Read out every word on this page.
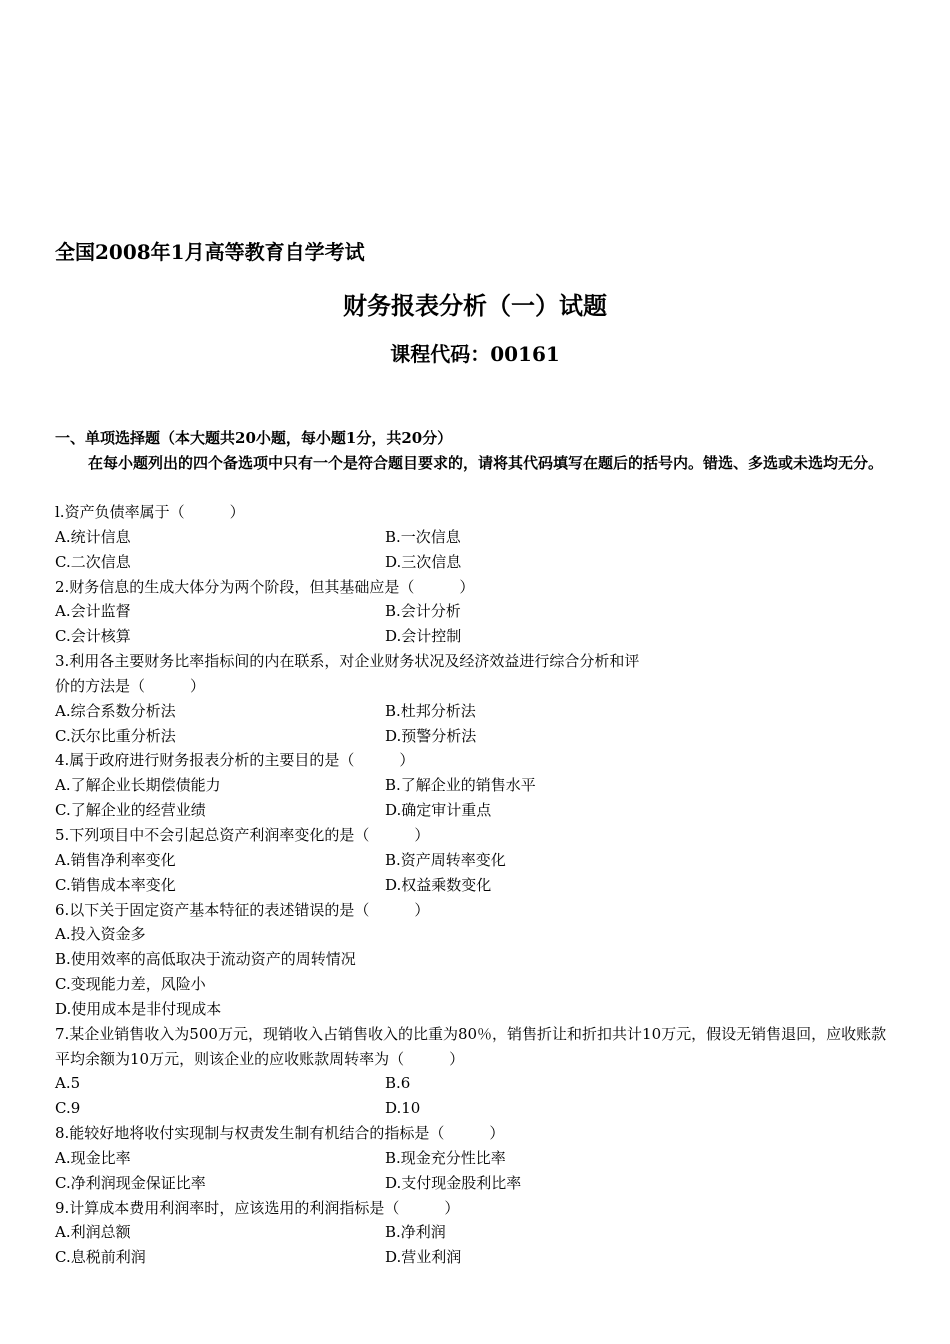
全国2008年1月高等教育自学考试
财务报表分析（一）试题
课程代码：00161
一、单项选择题（本大题共20小题，每小题1分，共20分）
在每小题列出的四个备选项中只有一个是符合题目要求的，请将其代码填写在题后的括号内。错选、多选或未选均无分。
l.资产负债率属于（　　　）
A.统计信息	B.一次信息
C.二次信息	D.三次信息
2.财务信息的生成大体分为两个阶段，但其基础应是（　　　）
A.会计监督	B.会计分析
C.会计核算	D.会计控制
3.利用各主要财务比率指标间的内在联系，对企业财务状况及经济效益进行综合分析和评
价的方法是（　　　）
A.综合系数分析法	B.杜邦分析法
C.沃尔比重分析法	D.预警分析法
4.属于政府进行财务报表分析的主要目的是（　　　）
A.了解企业长期偿债能力	B.了解企业的销售水平
C.了解企业的经营业绩	D.确定审计重点
5.下列项目中不会引起总资产利润率变化的是（　　　）
A.销售净利率变化	B.资产周转率变化
C.销售成本率变化	D.权益乘数变化
6.以下关于固定资产基本特征的表述错误的是（　　　）
A.投入资金多
B.使用效率的高低取决于流动资产的周转情况
C.变现能力差，风险小
D.使用成本是非付现成本
7.某企业销售收入为500万元，现销收入占销售收入的比重为80％，销售折让和折扣共计10万元，假设无销售退回，应收账款平均余额为10万元，则该企业的应收账款周转率为（　　　）
A.5	B.6
C.9	D.10
8.能较好地将收付实现制与权责发生制有机结合的指标是（　　　）
A.现金比率	B.现金充分性比率
C.净利润现金保证比率	D.支付现金股利比率
9.计算成本费用利润率时，应该选用的利润指标是（　　　）
A.利润总额	B.净利润
C.息税前利润	D.营业利润
